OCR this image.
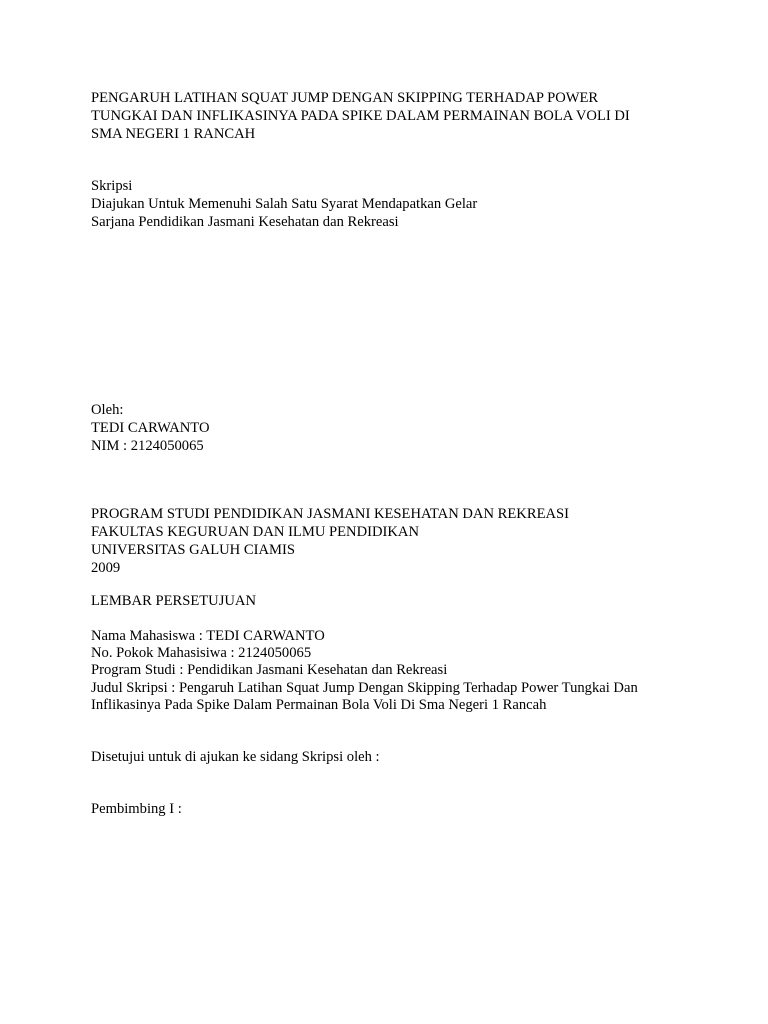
PENGARUH LATIHAN SQUAT JUMP DENGAN SKIPPING TERHADAP POWER
TUNGKAI DAN INFLIKASINYA PADA SPIKE DALAM PERMAINAN BOLA VOLI DI
SMA NEGERI 1 RANCAH
Skripsi
Diajukan Untuk Memenuhi Salah Satu Syarat Mendapatkan Gelar
Sarjana Pendidikan Jasmani Kesehatan dan Rekreasi
Oleh:
TEDI CARWANTO
NIM : 2124050065
PROGRAM STUDI PENDIDIKAN JASMANI KESEHATAN DAN REKREASI
FAKULTAS KEGURUAN DAN ILMU PENDIDIKAN
UNIVERSITAS GALUH CIAMIS
2009
LEMBAR PERSETUJUAN
Nama Mahasiswa : TEDI CARWANTO
No. Pokok Mahasisiwa : 2124050065
Program Studi : Pendidikan Jasmani Kesehatan dan Rekreasi
Judul Skripsi : Pengaruh Latihan Squat Jump Dengan Skipping Terhadap Power Tungkai Dan
Inflikasinya Pada Spike Dalam Permainan Bola Voli Di Sma Negeri 1 Rancah
Disetujui untuk di ajukan ke sidang Skripsi oleh :
Pembimbing I :
